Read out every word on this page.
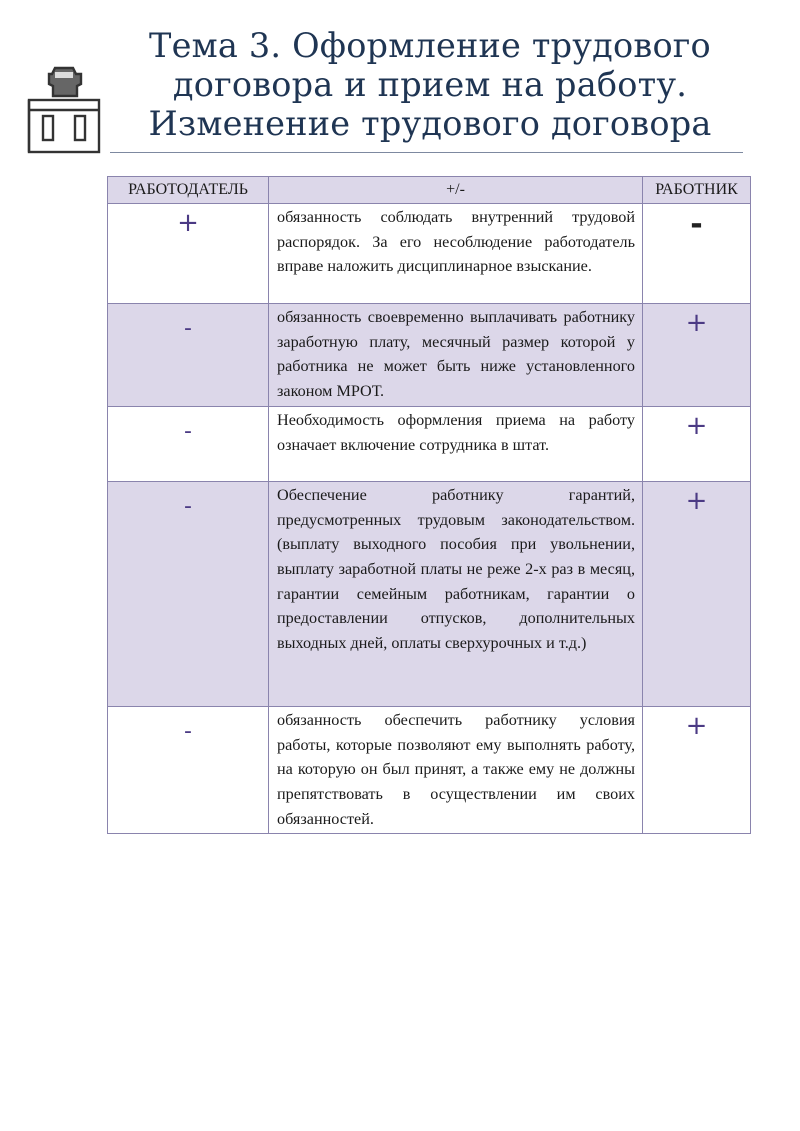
Тема 3. Оформление трудового
договора и прием на работу.
Изменение трудового договора
РАБОТОДАТЕЛЬ	+/-	РАБОТНИК
+	обязанность соблюдать внутренний трудовой распорядок. За его несоблюдение работодатель вправе наложить дисциплинарное взыскание.	-
-	обязанность своевременно выплачивать работнику заработную плату, месячный размер которой у работника не может быть ниже установленного законом МРОТ.	+
-	Необходимость оформления приема на работу означает включение сотрудника в штат.	+
-	Обеспечение работнику гарантий, предусмотренных трудовым законодательством. (выплату выходного пособия при увольнении, выплату заработной платы не реже 2-х раз в месяц, гарантии семейным работникам, гарантии о предоставлении отпусков, дополнительных выходных дней, оплаты сверхурочных и т.д.)	+
-	обязанность обеспечить работнику условия работы, которые позволяют ему выполнять работу, на которую он был принят, а также ему не должны препятствовать в осуществлении им своих обязанностей.	+
